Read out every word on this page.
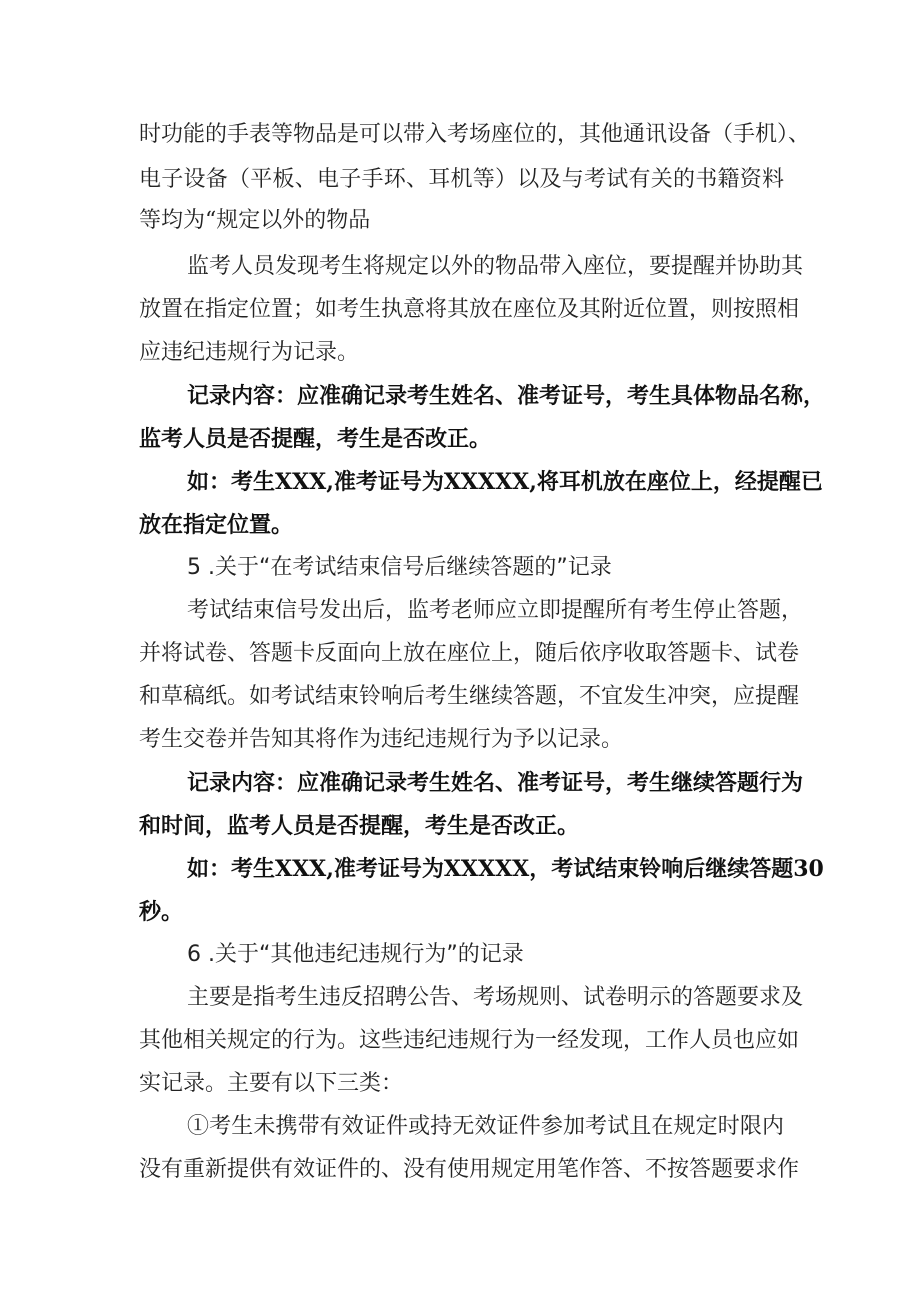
时功能的手表等物品是可以带入考场座位的，其他通讯设备（手机）、
电子设备（平板、电子手环、耳机等）以及与考试有关的书籍资料
等均为“规定以外的物品
监考人员发现考生将规定以外的物品带入座位，要提醒并协助其
放置在指定位置；如考生执意将其放在座位及其附近位置，则按照相
应违纪违规行为记录。
记录内容：应准确记录考生姓名、准考证号，考生具体物品名称，
监考人员是否提醒，考生是否改正。
如：考生XXX,准考证号为XXXXX,将耳机放在座位上，经提醒已
放在指定位置。
5 .关于“在考试结束信号后继续答题的”记录
考试结束信号发出后，监考老师应立即提醒所有考生停止答题，
并将试卷、答题卡反面向上放在座位上，随后依序收取答题卡、试卷
和草稿纸。如考试结束铃响后考生继续答题，不宜发生冲突，应提醒
考生交卷并告知其将作为违纪违规行为予以记录。
记录内容：应准确记录考生姓名、准考证号，考生继续答题行为
和时间，监考人员是否提醒，考生是否改正。
如：考生XXX,准考证号为XXXXX，考试结束铃响后继续答题30
秒。
6 .关于“其他违纪违规行为”的记录
主要是指考生违反招聘公告、考场规则、试卷明示的答题要求及
其他相关规定的行为。这些违纪违规行为一经发现，工作人员也应如
实记录。主要有以下三类：
①考生未携带有效证件或持无效证件参加考试且在规定时限内
没有重新提供有效证件的、没有使用规定用笔作答、不按答题要求作
